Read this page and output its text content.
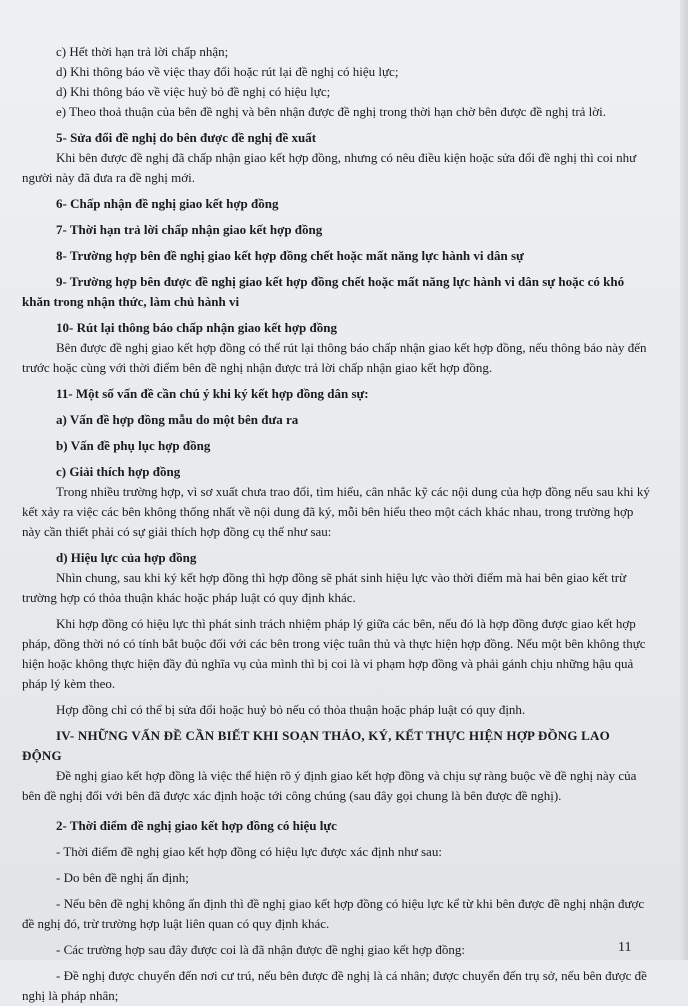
c) Hết thời hạn trả lời chấp nhận;

d) Khi thông báo về việc thay đổi hoặc rút lại đề nghị có hiệu lực;

d) Khi thông báo về việc huỷ bỏ đề nghị có hiệu lực;

e) Theo thoả thuận của bên đề nghị và bên nhận được đề nghị trong thời hạn chờ bên được đề nghị trả lời.

5- Sửa đổi đề nghị do bên được đề nghị đề xuất

Khi bên được đề nghị đã chấp nhận giao kết hợp đồng, nhưng có nêu điều kiện hoặc sửa đổi đề nghị thì coi như người này đã đưa ra đề nghị mới.

6- Chấp nhận đề nghị giao kết hợp đồng

7- Thời hạn trả lời chấp nhận giao kết hợp đồng

8- Trường hợp bên đề nghị giao kết hợp đồng chết hoặc mất năng lực hành vi dân sự

9- Trường hợp bên được đề nghị giao kết hợp đồng chết hoặc mất năng lực hành vi dân sự hoặc có khó khăn trong nhận thức, làm chủ hành vi

10- Rút lại thông báo chấp nhận giao kết hợp đồng

Bên được đề nghị giao kết hợp đồng có thể rút lại thông báo chấp nhận giao kết hợp đồng, nếu thông báo này đến trước hoặc cùng với thời điểm bên đề nghị nhận được trả lời chấp nhận giao kết hợp đồng.

11- Một số vấn đề cần chú ý khi ký kết hợp đồng dân sự:

a) Vấn đề hợp đồng mẫu do một bên đưa ra

b) Vấn đề phụ lục hợp đồng

c) Giải thích hợp đồng

Trong nhiều trường hợp, vì sơ xuất chưa trao đổi, tìm hiểu, cân nhắc kỹ các nội dung của hợp đồng nếu sau khi ký kết xảy ra việc các bên không thống nhất về nội dung đã ký, mỗi bên hiểu theo một cách khác nhau, trong trường hợp này cần thiết phải có sự giải thích hợp đồng cụ thể như sau:

d) Hiệu lực của hợp đồng

Nhìn chung, sau khi ký kết hợp đồng thì hợp đồng sẽ phát sinh hiệu lực vào thời điểm mà hai bên giao kết trừ trường hợp có thỏa thuận khác hoặc pháp luật có quy định khác.

Khi hợp đồng có hiệu lực thì phát sinh trách nhiệm pháp lý giữa các bên, nếu đó là hợp đồng được giao kết hợp pháp, đồng thời nó có tính bắt buộc đối với các bên trong việc tuân thủ và thực hiện hợp đồng. Nếu một bên không thực hiện hoặc không thực hiện đầy đủ nghĩa vụ của mình thì bị coi là vi phạm hợp đồng và phải gánh chịu những hậu quả pháp lý kèm theo.

Hợp đồng chỉ có thể bị sửa đổi hoặc huỷ bỏ nếu có thỏa thuận hoặc pháp luật có quy định.

IV- NHỮNG VẤN ĐỀ CẦN BIẾT KHI SOẠN THẢO, KÝ, KẾT THỰC HIỆN HỢP ĐỒNG LAO ĐỘNG

Đề nghị giao kết hợp đồng là việc thể hiện rõ ý định giao kết hợp đồng và chịu sự ràng buộc về đề nghị này của bên đề nghị đối với bên đã được xác định hoặc tới công chúng (sau đây gọi chung là bên được đề nghị).

2- Thời điểm đề nghị giao kết hợp đồng có hiệu lực

- Thời điểm đề nghị giao kết hợp đồng có hiệu lực được xác định như sau:

- Do bên đề nghị ấn định;

- Nếu bên đề nghị không ấn định thì đề nghị giao kết hợp đồng có hiệu lực kể từ khi bên được đề nghị nhận được đề nghị đó, trừ trường hợp luật liên quan có quy định khác.

- Các trường hợp sau đây được coi là đã nhận được đề nghị giao kết hợp đồng:

- Đề nghị được chuyển đến nơi cư trú, nếu bên được đề nghị là cá nhân; được chuyển đến trụ sở, nếu bên được đề nghị là pháp nhân;

11
